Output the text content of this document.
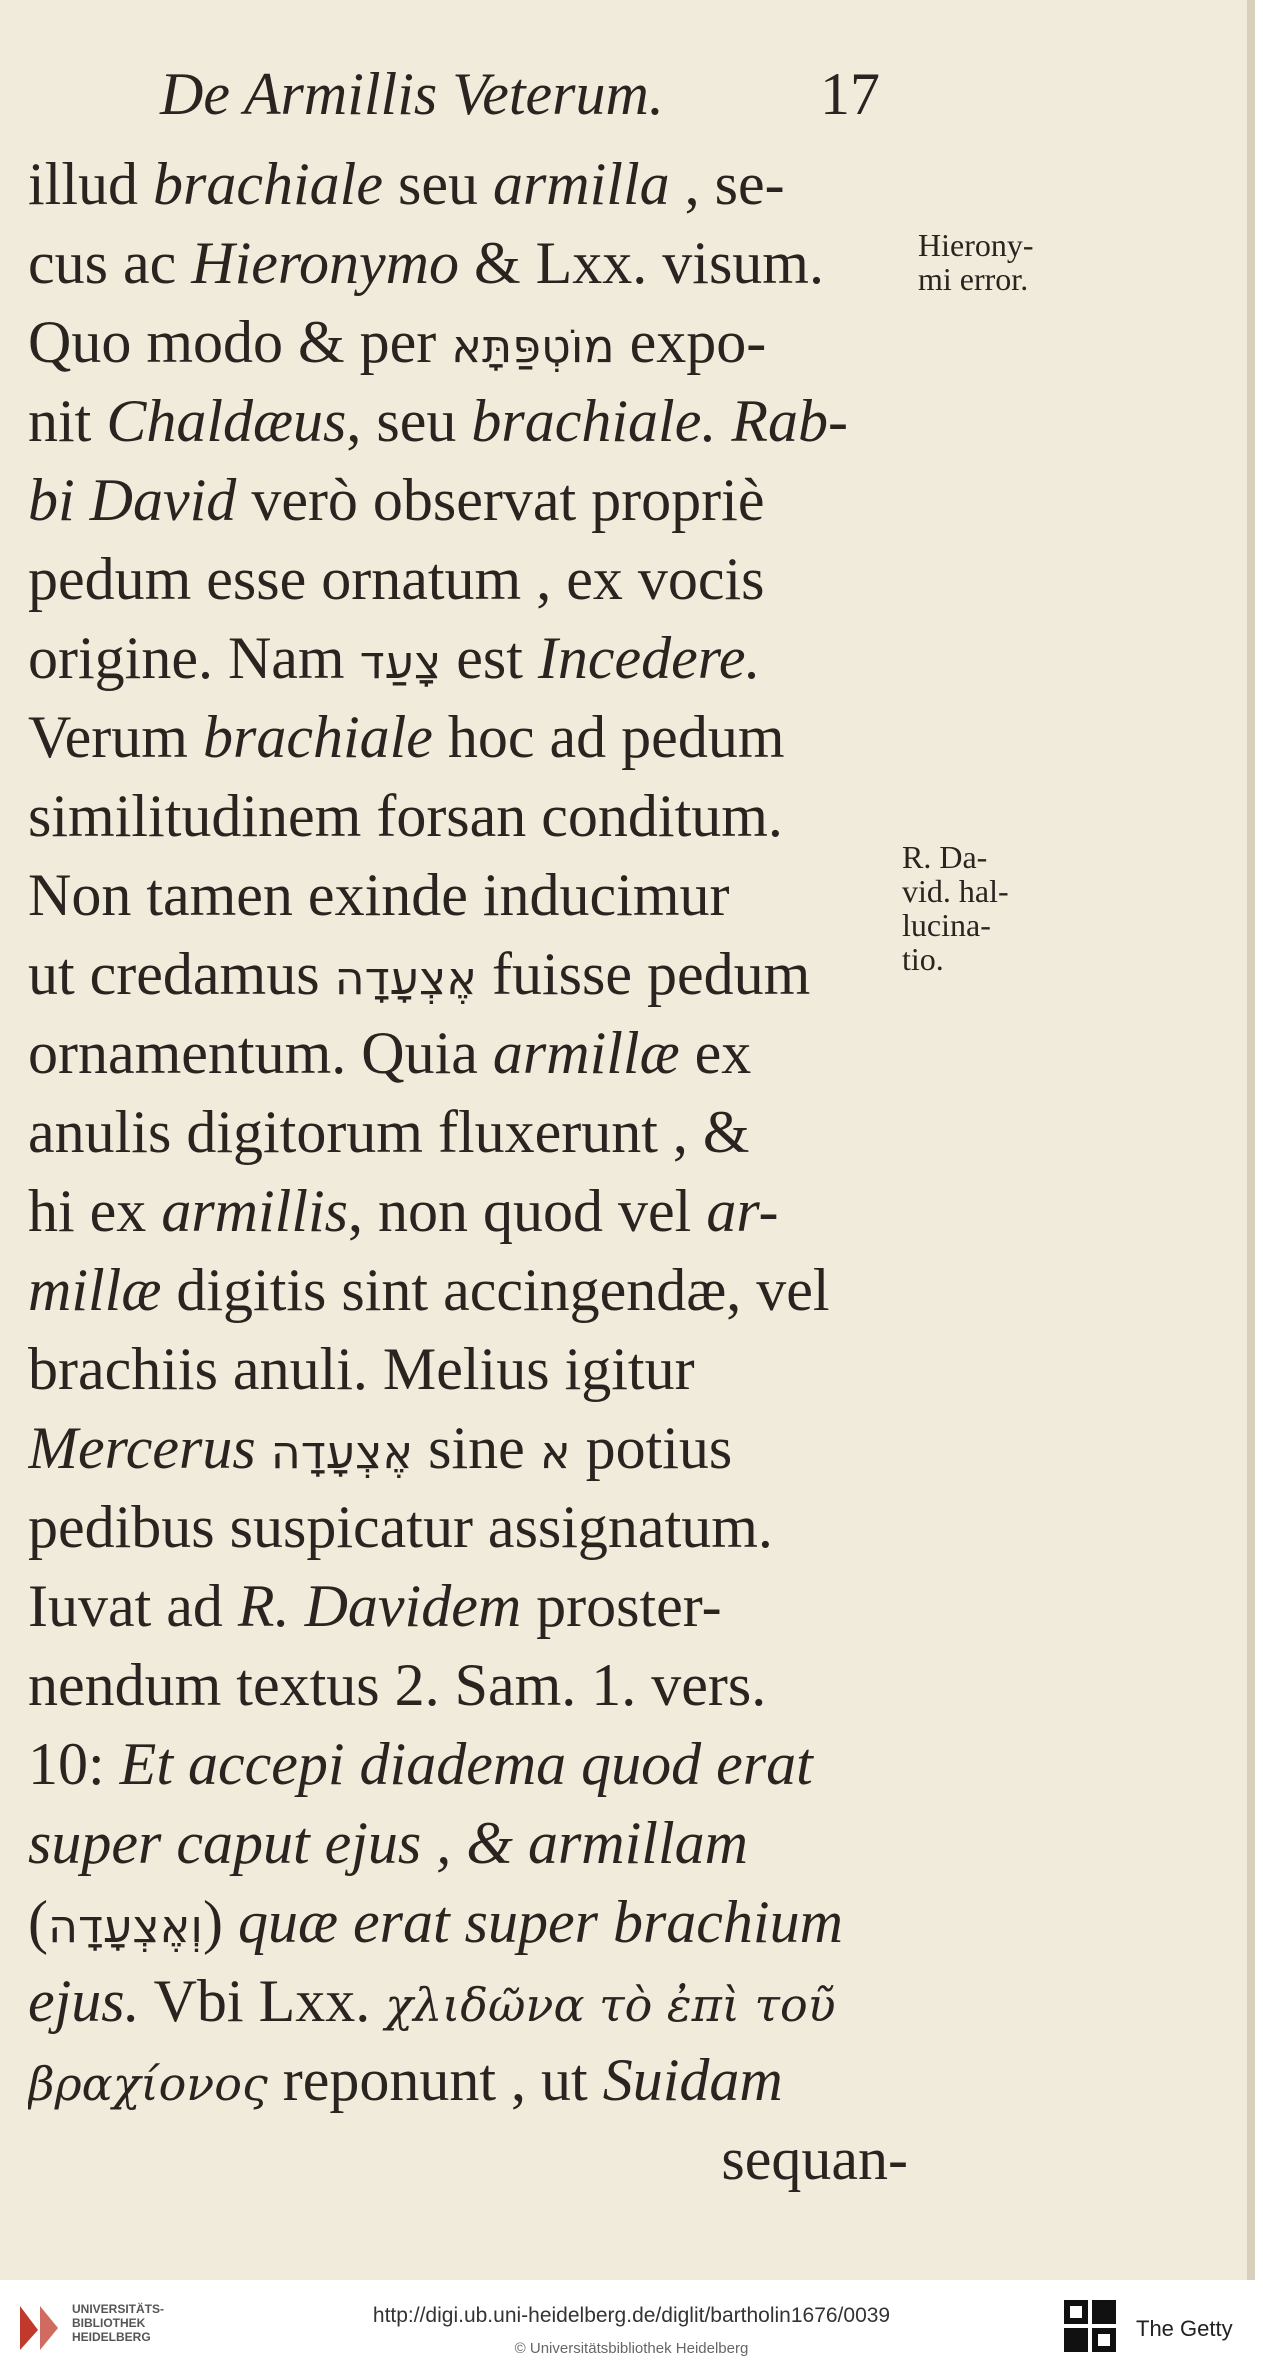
De Armillis Veterum.	17
illud brachiale seu armilla , se-
cus ac Hieronymo & Lxx. visum.
Quo modo & per מוֹטְפַּתָּא expo-
nit Chaldæus, seu brachiale. Rab-
bi David verò observat propriè
pedum esse ornatum , ex vocis
origine. Nam צָעַד est Incedere.
Verum brachiale hoc ad pedum
similitudinem forsan conditum.
Non tamen exinde inducimur
ut credamus אֶצְעָדָה fuisse pedum
ornamentum. Quia armillæ ex
anulis digitorum fluxerunt , &
hi ex armillis, non quod vel ar-
millæ digitis sint accingendæ, vel
brachiis anuli. Melius igitur
Mercerus אֶצְעָדָה sine א potius
pedibus suspicatur assignatum.
Iuvat ad R. Davidem proster-
nendum textus 2. Sam. 1. vers.
10: Et accepi diadema quod erat
super caput ejus , & armillam
(וְאֶצְעָדָה) quæ erat super brachium
ejus. Vbi Lxx. χλιδῶνα τὸ ἐπὶ τοῦ
βραχίονος reponunt , ut Suidam
sequan-
Hierony-
mi error.
R. Da-
vid. hal-
lucina-
tio.
UNIVERSITÄTS-
BIBLIOTHEK
HEIDELBERG
http://digi.ub.uni-heidelberg.de/diglit/bartholin1676/0039
© Universitätsbibliothek Heidelberg
The Getty
